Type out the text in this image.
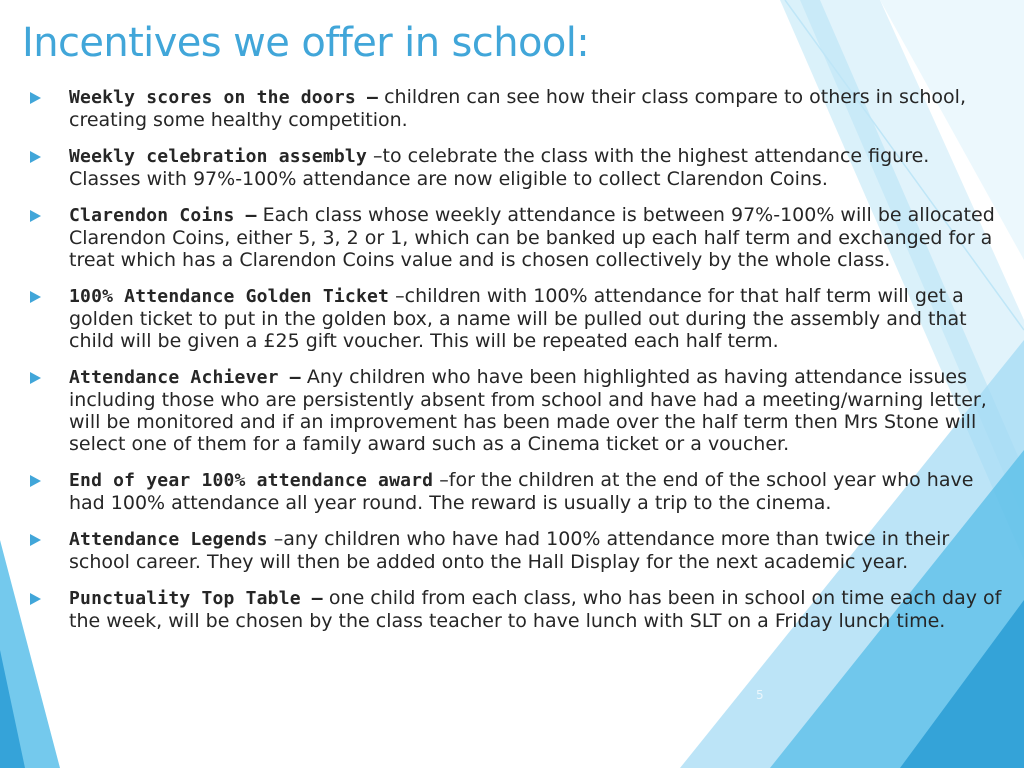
Incentives we offer in school:
Weekly scores on the doors – children can see how their class compare to others in school, creating some healthy competition.
Weekly celebration assembly –to celebrate the class with the highest attendance figure. Classes with 97%-100% attendance are now eligible to collect Clarendon Coins.
Clarendon Coins – Each class whose weekly attendance is between 97%-100% will be allocated Clarendon Coins, either 5, 3, 2 or 1, which can be banked up each half term and exchanged for a treat which has a Clarendon Coins value and is chosen collectively by the whole class.
100% Attendance Golden Ticket –children with 100% attendance for that half term will get a golden ticket to put in the golden box, a name will be pulled out during the assembly and that child will be given a £25 gift voucher. This will be repeated each half term.
Attendance Achiever – Any children who have been highlighted as having attendance issues including those who are persistently absent from school and have had a meeting/warning letter, will be monitored and if an improvement has been made over the half term then Mrs Stone will select one of them for a family award such as a Cinema ticket or a voucher.
End of year 100% attendance award –for the children at the end of the school year who have had 100% attendance all year round. The reward is usually a trip to the cinema.
Attendance Legends –any children who have had 100% attendance more than twice in their school career. They will then be added onto the Hall Display for the next academic year.
Punctuality Top Table – one child from each class, who has been in school on time each day of the week, will be chosen by the class teacher to have lunch with SLT on a Friday lunch time.
5
